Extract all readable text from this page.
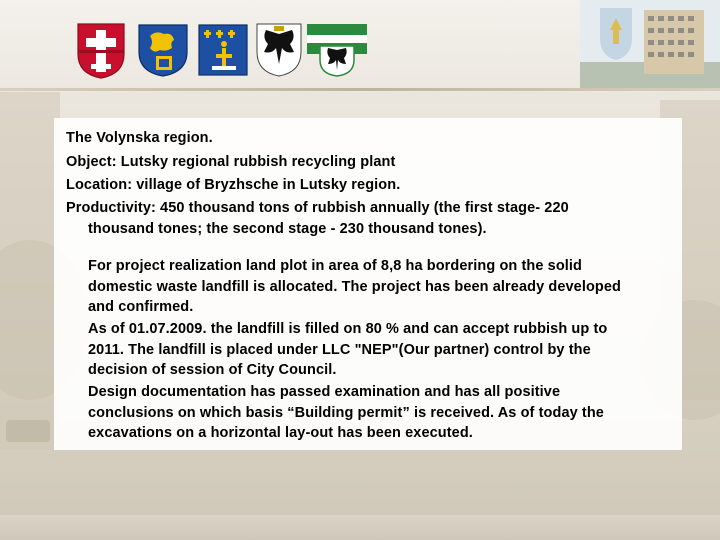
The Volynska region.
Object: Lutsky regional rubbish recycling plant
Location: village of Bryzhsche in Lutsky region.
Productivity: 450 thousand tons of rubbish annually (the first stage- 220
thousand tones; the second stage - 230 thousand tones).
For project realization land plot in area of 8,8 ha bordering on the solid
domestic waste landfill is allocated. The project has been already developed
and confirmed.
As of 01.07.2009. the landfill is filled on 80 % and can accept rubbish up to
2011. The landfill is placed under LLC "NEP"(Our partner) control by the
decision of session of City Council.
Design documentation has passed examination and has all positive
conclusions on which basis “Building permit” is received. As of today the
excavations on a horizontal lay-out has been executed.
